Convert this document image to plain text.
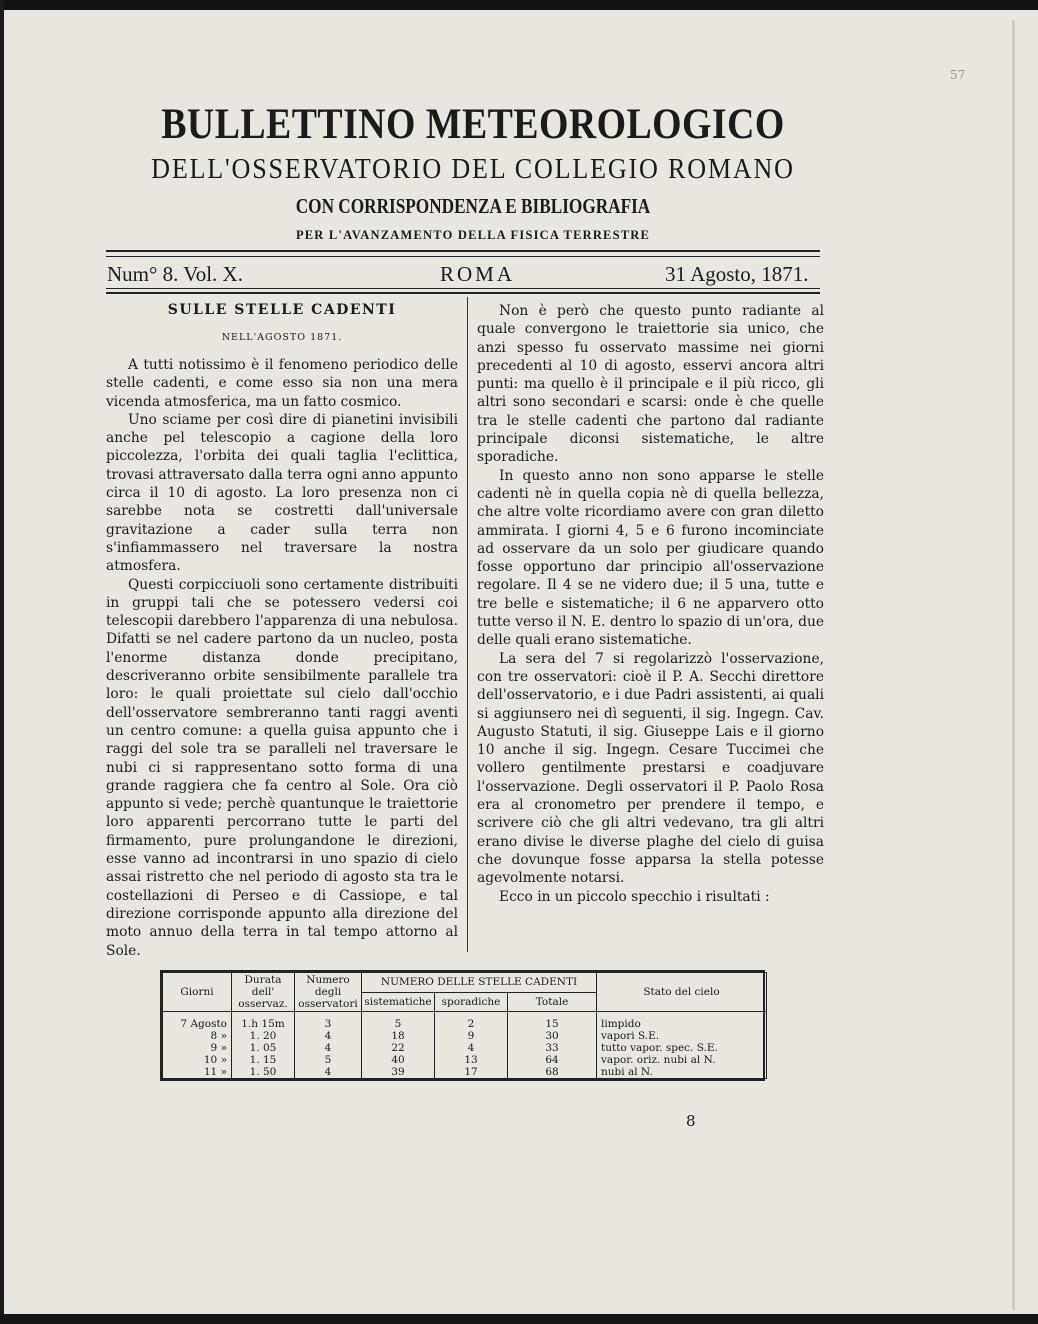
57
BULLETTINO METEOROLOGICO
DELL'OSSERVATORIO DEL COLLEGIO ROMANO
CON CORRISPONDENZA E BIBLIOGRAFIA
PER L'AVANZAMENTO DELLA FISICA TERRESTRE
Num° 8. Vol. X.	ROMA	31 Agosto, 1871.
SULLE STELLE CADENTI
NELL'AGOSTO 1871.

A tutti notissimo è il fenomeno periodico delle stelle cadenti, e come esso sia non una mera vicenda atmosferica, ma un fatto cosmico.

Uno sciame per così dire di pianetini invisibili anche pel telescopio a cagione della loro piccolezza, l'orbita dei quali taglia l'eclittica, trovasi attraversato dalla terra ogni anno appunto circa il 10 di agosto. La loro presenza non ci sarebbe nota se costretti dall'universale gravitazione a cader sulla terra non s'infiammassero nel traversare la nostra atmosfera.

Questi corpicciuoli sono certamente distribuiti in gruppi tali che se potessero vedersi coi telescopii darebbero l'apparenza di una nebulosa. Difatti se nel cadere partono da un nucleo, posta l'enorme distanza donde precipitano, descriveranno orbite sensibilmente parallele tra loro: le quali proiettate sul cielo dall'occhio dell'osservatore sembreranno tanti raggi aventi un centro comune: a quella guisa appunto che i raggi del sole tra se paralleli nel traversare le nubi ci si rappresentano sotto forma di una grande raggiera che fa centro al Sole. Ora ciò appunto si vede; perchè quantunque le traiettorie loro apparenti percorrano tutte le parti del firmamento, pure prolungandone le direzioni, esse vanno ad incontrarsi in uno spazio di cielo assai ristretto che nel periodo di agosto sta tra le costellazioni di Perseo e di Cassiope, e tal direzione corrisponde appunto alla direzione del moto annuo della terra in tal tempo attorno al Sole.

Non è però che questo punto radiante al quale convergono le traiettorie sia unico, che anzi spesso fu osservato massime nei giorni precedenti al 10 di agosto, esservi ancora altri punti: ma quello è il principale e il più ricco, gli altri sono secondari e scarsi: onde è che quelle tra le stelle cadenti che partono dal radiante principale diconsi sistematiche, le altre sporadiche.

In questo anno non sono apparse le stelle cadenti nè in quella copia nè di quella bellezza, che altre volte ricordiamo avere con gran diletto ammirata. I giorni 4, 5 e 6 furono incominciate ad osservare da un solo per giudicare quando fosse opportuno dar principio all'osservazione regolare. Il 4 se ne videro due; il 5 una, tutte e tre belle e sistematiche; il 6 ne apparvero otto tutte verso il N. E. dentro lo spazio di un'ora, due delle quali erano sistematiche.

La sera del 7 si regolarizzò l'osservazione, con tre osservatori: cioè il P. A. Secchi direttore dell'osservatorio, e i due Padri assistenti, ai quali si aggiunsero nei dì seguenti, il sig. Ingegn. Cav. Augusto Statuti, il sig. Giuseppe Lais e il giorno 10 anche il sig. Ingegn. Cesare Tuccimei che vollero gentilmente prestarsi e coadjuvare l'osservazione. Degli osservatori il P. Paolo Rosa era al cronometro per prendere il tempo, e scrivere ciò che gli altri vedevano, tra gli altri erano divise le diverse plaghe del cielo di guisa che dovunque fosse apparsa la stella potesse agevolmente notarsi.

Ecco in un piccolo specchio i risultati :

Giorni	Durata dell' osservaz.	Numero degli osservatori	NUMERO DELLE STELLE CADENTI			Stato del cielo
			sistematiche	sporadiche	Totale	
7 Agosto	1.h 15m	3	5	2	15	limpido
8 »	1. 20	4	18	9	30	vapori S.E.
9 »	1. 05	4	22	4	33	tutto vapor. spec. S.E.
10 »	1. 15	5	40	13	64	vapor. oriz. nubi al N.
11 »	1. 50	4	39	17	68	nubi al N.
8
